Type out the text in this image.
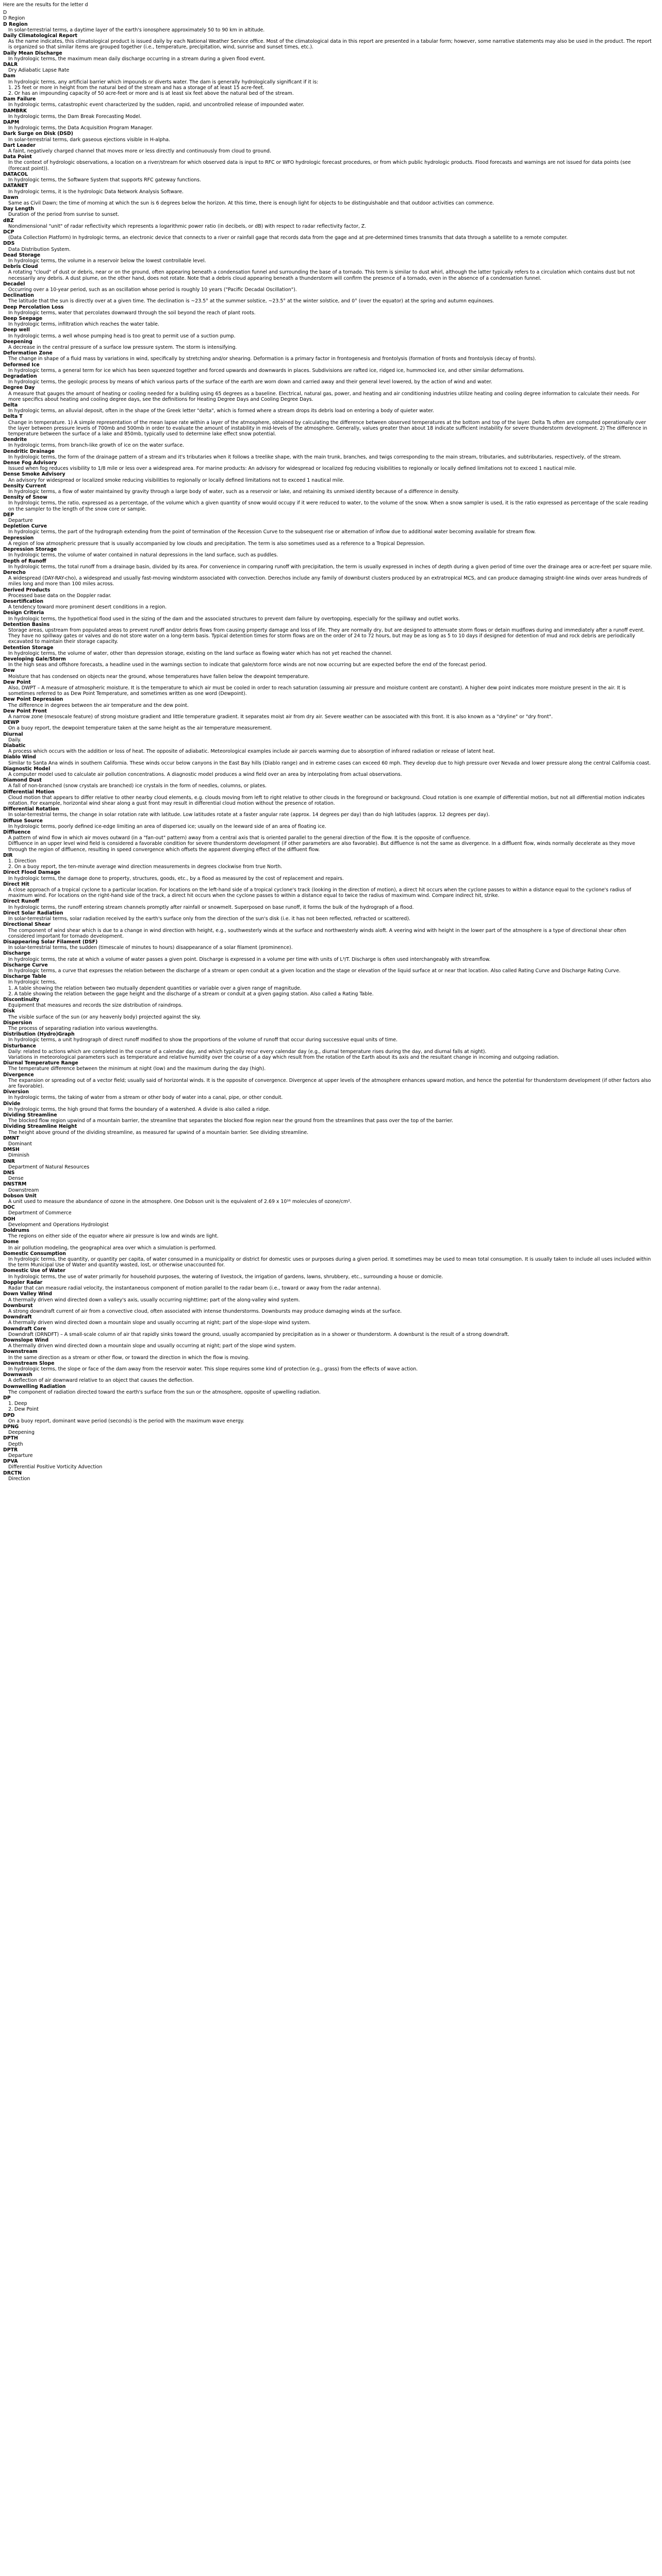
Here are the results for the letter d
D
D Region
D Region
In solar-terrestrial terms, a daytime layer of the earth's ionosphere approximately 50 to 90 km in altitude.
Daily Climatological Report
As the name indicates, this climatological product is issued daily by each National Weather Service office. Most of the climatological data in this report are presented in a tabular form; however, some narrative statements may also be used in the product. The report is organized so that similar items are grouped together (i.e., temperature, precipitation, wind, sunrise and sunset times, etc.).
Daily Mean Discharge
In hydrologic terms, the maximum mean daily discharge occurring in a stream during a given flood event.
DALR
Dry Adiabatic Lapse Rate
Dam
In hydrologic terms, any artificial barrier which impounds or diverts water. The dam is generally hydrologically significant if it is:
1. 25 feet or more in height from the natural bed of the stream and has a storage of at least 15 acre-feet.
2. Or has an impounding capacity of 50 acre-feet or more and is at least six feet above the natural bed of the stream.
Dam Failure
In hydrologic terms, catastrophic event characterized by the sudden, rapid, and uncontrolled release of impounded water.
DAMBRK
In hydrologic terms, the Dam Break Forecasting Model.
DAPM
In hydrologic terms, the Data Acquisition Program Manager.
Dark Surge on Disk (DSD)
In solar-terrestrial terms, dark gaseous ejections visible in H-alpha.
Dart Leader
A faint, negatively charged channel that moves more or less directly and continuously from cloud to ground.
Data Point
In the context of hydrologic observations, a location on a river/stream for which observed data is input to RFC or WFO hydrologic forecast procedures, or from which public hydrologic products. Flood forecasts and warnings are not issued for data points (see (forecast point)).
DATACOL
In hydrologic terms, the Software System that supports RFC gateway functions.
DATANET
In hydrologic terms, it is the hydrologic Data Network Analysis Software.
Dawn
Same as Civil Dawn; the time of morning at which the sun is 6 degrees below the horizon. At this time, there is enough light for objects to be distinguishable and that outdoor activities can commence.
Day Length
Duration of the period from sunrise to sunset.
dBZ
Nondimensional "unit" of radar reflectivity which represents a logarithmic power ratio (in decibels, or dB) with respect to radar reflectivity factor, Z.
DCP
(Data Collection Platform) In hydrologic terms, an electronic device that connects to a river or rainfall gage that records data from the gage and at pre-determined times transmits that data through a satellite to a remote computer.
DDS
Data Distribution System.
Dead Storage
In hydrologic terms, the volume in a reservoir below the lowest controllable level.
Debris Cloud
A rotating "cloud" of dust or debris, near or on the ground, often appearing beneath a condensation funnel and surrounding the base of a tornado. This term is similar to dust whirl, although the latter typically refers to a circulation which contains dust but not necessarily any debris. A dust plume, on the other hand, does not rotate. Note that a debris cloud appearing beneath a thunderstorm will confirm the presence of a tornado, even in the absence of a condensation funnel.
Decadel
Occurring over a 10-year period, such as an oscillation whose period is roughly 10 years ("Pacific Decadal Oscillation").
Declination
The latitude that the sun is directly over at a given time. The declination is ~23.5° at the summer solstice, ~23.5° at the winter solstice, and 0° (over the equator) at the spring and autumn equinoxes.
Deep Percolation Loss
In hydrologic terms, water that percolates downward through the soil beyond the reach of plant roots.
Deep Seepage
In hydrologic terms, infiltration which reaches the water table.
Deep well
In hydrologic terms, a well whose pumping head is too great to permit use of a suction pump.
Deepening
A decrease in the central pressure of a surface low pressure system. The storm is intensifying.
Deformation Zone
The change in shape of a fluid mass by variations in wind, specifically by stretching and/or shearing. Deformation is a primary factor in frontogenesis and frontolysis (formation of fronts and frontolysis (decay of fronts).
Deformed Ice
In hydrologic terms, a general term for ice which has been squeezed together and forced upwards and downwards in places. Subdivisions are rafted ice, ridged ice, hummocked ice, and other similar deformations.
Degradation
In hydrologic terms, the geologic process by means of which various parts of the surface of the earth are worn down and carried away and their general level lowered, by the action of wind and water.
Degree Day
A measure that gauges the amount of heating or cooling needed for a building using 65 degrees as a baseline. Electrical, natural gas, power, and heating and air conditioning industries utilize heating and cooling degree information to calculate their needs. For more specifics about heating and cooling degree days, see the definitions for Heating Degree Days and Cooling Degree Days.
Delta
In hydrologic terms, an alluvial deposit, often in the shape of the Greek letter "delta", which is formed where a stream drops its debris load on entering a body of quieter water.
Delta T
Change in temperature. 1) A simple representation of the mean lapse rate within a layer of the atmosphere, obtained by calculating the difference between observed temperatures at the bottom and top of the layer. Delta Ts often are computed operationally over the layer between pressure levels of 700mb and 500mb in order to evaluate the amount of instability in mid-levels of the atmosphere. Generally, values greater than about 18 indicate sufficient instability for severe thunderstorm development. 2) The difference in temperature between the surface of a lake and 850mb, typically used to determine lake effect snow potential.
Dendrite
In hydrologic terms, from branch-like growth of ice on the water surface.
Dendritic Drainage
In hydrologic terms, the form of the drainage pattern of a stream and it's tributaries when it follows a treelike shape, with the main trunk, branches, and twigs corresponding to the main stream, tributaries, and subtributaries, respectively, of the stream.
Dense Fog Advisory
Issued when fog reduces visibility to 1/8 mile or less over a widespread area. For marine products: An advisory for widespread or localized fog reducing visibilities to regionally or locally defined limitations not to exceed 1 nautical mile.
Dense Smoke Advisory
An advisory for widespread or localized smoke reducing visibilities to regionally or locally defined limitations not to exceed 1 nautical mile.
Density Current
In hydrologic terms, a flow of water maintained by gravity through a large body of water, such as a reservoir or lake, and retaining its unmixed identity because of a difference in density.
Density of Snow
In hydrologic terms, the ratio, expressed as a percentage, of the volume which a given quantity of snow would occupy if it were reduced to water, to the volume of the snow. When a snow sampler is used, it is the ratio expressed as percentage of the scale reading on the sampler to the length of the snow core or sample.
DEP
Departure
Depletion Curve
In hydrologic terms, the part of the hydrograph extending from the point of termination of the Recession Curve to the subsequent rise or alternation of inflow due to additional water becoming available for stream flow.
Depression
A region of low atmospheric pressure that is usually accompanied by low clouds and precipitation. The term is also sometimes used as a reference to a Tropical Depression.
Depression Storage
In hydrologic terms, the volume of water contained in natural depressions in the land surface, such as puddles.
Depth of Runoff
In hydrologic terms, the total runoff from a drainage basin, divided by its area. For convenience in comparing runoff with precipitation, the term is usually expressed in inches of depth during a given period of time over the drainage area or acre-feet per square mile.
Derecho
A widespread (DAY-RAY-cho), a widespread and usually fast-moving windstorm associated with convection. Derechos include any family of downburst clusters produced by an extratropical MCS, and can produce damaging straight-line winds over areas hundreds of miles long and more than 100 miles across.
Derived Products
Processed base data on the Doppler radar.
Desertification
A tendency toward more prominent desert conditions in a region.
Design Criteria
In hydrologic terms, the hypothetical flood used in the sizing of the dam and the associated structures to prevent dam failure by overtopping, especially for the spillway and outlet works.
Detention Basins
Storage areas, upstream from populated areas to prevent runoff and/or debris flows from causing property damage and loss of life. They are normally dry, but are designed to attenuate storm flows or detain mudflows during and immediately after a runoff event. They have no spillway gates or valves and do not store water on a long-term basis. Typical detention times for storm flows are on the order of 24 to 72 hours, but may be as long as 5 to 10 days if designed for detention of mud and rock debris are periodically excavated to maintain their storage capacity.
Detention Storage
In hydrologic terms, the volume of water, other than depression storage, existing on the land surface as flowing water which has not yet reached the channel.
Developing Gale/Storm
In the high seas and offshore forecasts, a headline used in the warnings section to indicate that gale/storm force winds are not now occurring but are expected before the end of the forecast period.
Dew
Moisture that has condensed on objects near the ground, whose temperatures have fallen below the dewpoint temperature.
Dew Point
Also, DWPT – A measure of atmospheric moisture. It is the temperature to which air must be cooled in order to reach saturation (assuming air pressure and moisture content are constant). A higher dew point indicates more moisture present in the air. It is sometimes referred to as Dew Point Temperature, and sometimes written as one word (Dewpoint).
Dew Point Depression
The difference in degrees between the air temperature and the dew point.
Dew Point Front
A narrow zone (mesoscale feature) of strong moisture gradient and little temperature gradient. It separates moist air from dry air. Severe weather can be associated with this front. It is also known as a "dryline" or "dry front".
DEWP
On a buoy report, the dewpoint temperature taken at the same height as the air temperature measurement.
Diurnal
Daily.
Diabatic
A process which occurs with the addition or loss of heat. The opposite of adiabatic. Meteorological examples include air parcels warming due to absorption of infrared radiation or release of latent heat.
Diablo Wind
Similar to Santa Ana winds in southern California. These winds occur below canyons in the East Bay hills (Diablo range) and in extreme cases can exceed 60 mph. They develop due to high pressure over Nevada and lower pressure along the central California coast.
Diagnostic Model
A computer model used to calculate air pollution concentrations. A diagnostic model produces a wind field over an area by interpolating from actual observations.
Diamond Dust
A fall of non-branched (snow crystals are branched) ice crystals in the form of needles, columns, or plates.
Differential Motion
Cloud motion that appears to differ relative to other nearby cloud elements, e.g. clouds moving from left to right relative to other clouds in the foreground or background. Cloud rotation is one example of differential motion, but not all differential motion indicates rotation. For example, horizontal wind shear along a gust front may result in differential cloud motion without the presence of rotation.
Differential Rotation
In solar-terrestrial terms, the change in solar rotation rate with latitude. Low latitudes rotate at a faster angular rate (approx. 14 degrees per day) than do high latitudes (approx. 12 degrees per day).
Diffuse Source
In hydrologic terms, poorly defined ice-edge limiting an area of dispersed ice; usually on the leeward side of an area of floating ice.
Diffluence
A pattern of wind flow in which air moves outward (in a "fan-out" pattern) away from a central axis that is oriented parallel to the general direction of the flow. It is the opposite of confluence.
Diffluence in an upper level wind field is considered a favorable condition for severe thunderstorm development (if other parameters are also favorable). But diffluence is not the same as divergence. In a diffluent flow, winds normally decelerate as they move through the region of diffluence, resulting in speed convergence which offsets the apparent diverging effect of the diffluent flow.
DIR
1. Direction
2. On a buoy report, the ten-minute average wind direction measurements in degrees clockwise from true North.
Direct Flood Damage
In hydrologic terms, the damage done to property, structures, goods, etc., by a flood as measured by the cost of replacement and repairs.
Direct Hit
A close approach of a tropical cyclone to a particular location. For locations on the left-hand side of a tropical cyclone's track (looking in the direction of motion), a direct hit occurs when the cyclone passes to within a distance equal to the cyclone's radius of maximum wind. For locations on the right-hand side of the track, a direct hit occurs when the cyclone passes to within a distance equal to twice the radius of maximum wind. Compare indirect hit, strike.
Direct Runoff
In hydrologic terms, the runoff entering stream channels promptly after rainfall or snowmelt. Superposed on base runoff, it forms the bulk of the hydrograph of a flood.
Direct Solar Radiation
In solar-terrestrial terms, solar radiation received by the earth's surface only from the direction of the sun's disk (i.e. it has not been reflected, refracted or scattered).
Directional Shear
The component of wind shear which is due to a change in wind direction with height, e.g., southwesterly winds at the surface and northwesterly winds aloft. A veering wind with height in the lower part of the atmosphere is a type of directional shear often considered important for tornado development.
Disappearing Solar Filament (DSF)
In solar-terrestrial terms, the sudden (timescale of minutes to hours) disappearance of a solar filament (prominence).
Discharge
In hydrologic terms, the rate at which a volume of water passes a given point. Discharge is expressed in a volume per time with units of L³/T. Discharge is often used interchangeably with streamflow.
Discharge Curve
In hydrologic terms, a curve that expresses the relation between the discharge of a stream or open conduit at a given location and the stage or elevation of the liquid surface at or near that location. Also called Rating Curve and Discharge Rating Curve.
Discharge Table
In hydrologic terms,
1. A table showing the relation between two mutually dependent quantities or variable over a given range of magnitude.
2. A table showing the relation between the gage height and the discharge of a stream or conduit at a given gaging station. Also called a Rating Table.
Discontinuity
Equipment that measures and records the size distribution of raindrops.
Disk
The visible surface of the sun (or any heavenly body) projected against the sky.
Dispersion
The process of separating radiation into various wavelengths.
Distribution (Hydro)Graph
In hydrologic terms, a unit hydrograph of direct runoff modified to show the proportions of the volume of runoff that occur during successive equal units of time.
Disturbance
Daily: related to actions which are completed in the course of a calendar day, and which typically recur every calendar day (e.g., diurnal temperature rises during the day, and diurnal falls at night).
Variations in meteorological parameters such as temperature and relative humidity over the course of a day which result from the rotation of the Earth about its axis and the resultant change in incoming and outgoing radiation.
Diurnal Temperature Range
The temperature difference between the minimum at night (low) and the maximum during the day (high).
Divergence
The expansion or spreading out of a vector field; usually said of horizontal winds. It is the opposite of convergence. Divergence at upper levels of the atmosphere enhances upward motion, and hence the potential for thunderstorm development (if other factors also are favorable).
Diversion
In hydrologic terms, the taking of water from a stream or other body of water into a canal, pipe, or other conduit.
Divide
In hydrologic terms, the high ground that forms the boundary of a watershed. A divide is also called a ridge.
Dividing Streamline
The blocked flow region upwind of a mountain barrier, the streamline that separates the blocked flow region near the ground from the streamlines that pass over the top of the barrier.
Dividing Streamline Height
The height above ground of the dividing streamline, as measured far upwind of a mountain barrier. See dividing streamline.
DMNT
Dominant
DMSH
Diminish
DNR
Department of Natural Resources
DNS
Dense
DNSTRM
Downstream
Dobson Unit
A unit used to measure the abundance of ozone in the atmosphere. One Dobson unit is the equivalent of 2.69 x 10¹⁶ molecules of ozone/cm².
DOC
Department of Commerce
DOH
Development and Operations Hydrologist
Doldrums
The regions on either side of the equator where air pressure is low and winds are light.
Dome
In air pollution modeling, the geographical area over which a simulation is performed.
Domestic Consumption
In hydrologic terms, the quantity, or quantity per capita, of water consumed in a municipality or district for domestic uses or purposes during a given period. It sometimes may be used to mean total consumption. It is usually taken to include all uses included within the term Municipal Use of Water and quantity wasted, lost, or otherwise unaccounted for.
Domestic Use of Water
In hydrologic terms, the use of water primarily for household purposes, the watering of livestock, the irrigation of gardens, lawns, shrubbery, etc., surrounding a house or domicile.
Doppler Radar
Radar that can measure radial velocity, the instantaneous component of motion parallel to the radar beam (i.e., toward or away from the radar antenna).
Down Valley Wind
A thermally driven wind directed down a valley's axis, usually occurring nighttime; part of the along-valley wind system.
Downburst
A strong downdraft current of air from a convective cloud, often associated with intense thunderstorms. Downbursts may produce damaging winds at the surface.
Downdraft
A thermally driven wind directed down a mountain slope and usually occurring at night; part of the slope-slope wind system.
Downdraft Core
Downdraft (DRNDFT) – A small-scale column of air that rapidly sinks toward the ground, usually accompanied by precipitation as in a shower or thunderstorm. A downburst is the result of a strong downdraft.
Downslope Wind
A thermally driven wind directed down a mountain slope and usually occurring at night; part of the slope wind system.
Downstream
In the same direction as a stream or other flow, or toward the direction in which the flow is moving.
Downstream Slope
In hydrologic terms, the slope or face of the dam away from the reservoir water. This slope requires some kind of protection (e.g., grass) from the effects of wave action.
Downwash
A deflection of air downward relative to an object that causes the deflection.
Downwelling Radiation
The component of radiation directed toward the earth's surface from the sun or the atmosphere, opposite of upwelling radiation.
DP
1. Deep
2. Dew Point
DPD
On a buoy report, dominant wave period (seconds) is the period with the maximum wave energy.
DPNG
Deepening
DPTH
Depth
DPTR
Departure
DPVA
Differential Positive Vorticity Advection
DRCTN
Direction
